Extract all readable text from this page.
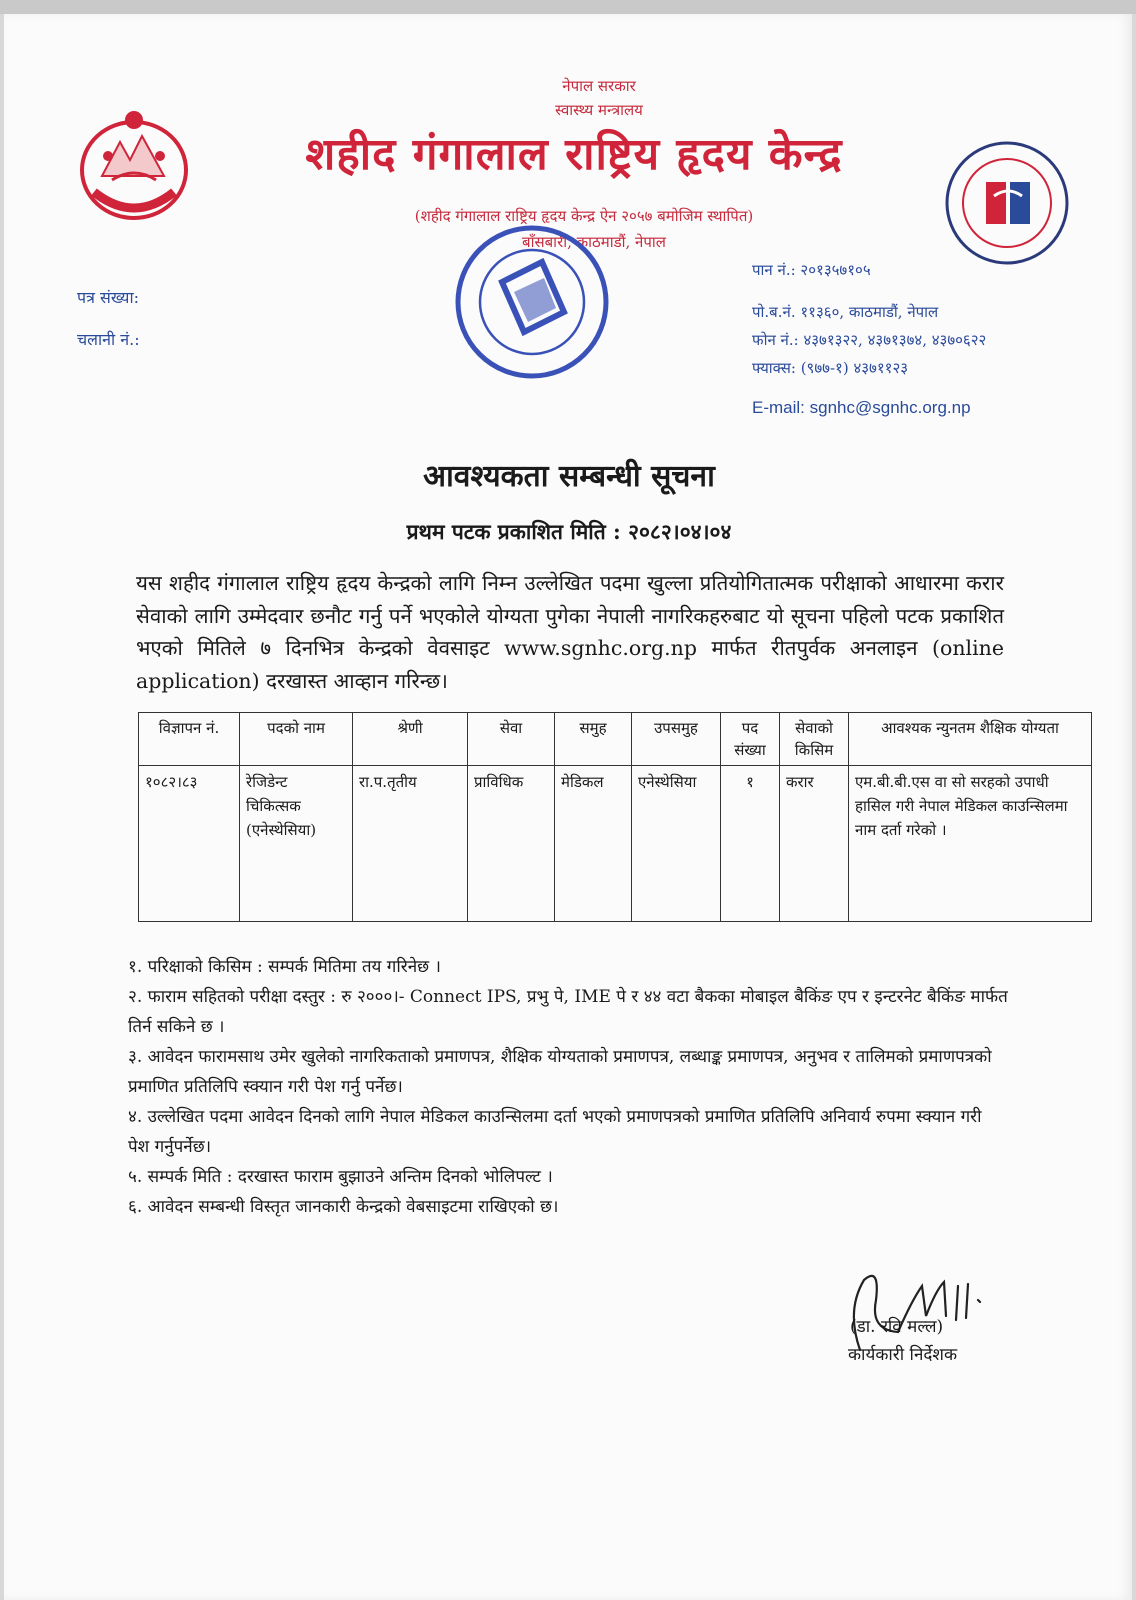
नेपाल सरकार

स्वास्थ्य मन्त्रालय

शहीद गंगालाल राष्ट्रिय हृदय केन्द्र

(शहीद गंगालाल राष्ट्रिय हृदय केन्द्र ऐन २०५७ बमोजिम स्थापित)

बाँसबारी, काठमाडौं, नेपाल

पत्र संख्या:

चलानी नं.:

पान नं.: २०१३५७१०५

पो.ब.नं. ११३६०, काठमाडौं, नेपाल

फोन नं.: ४३७१३२२, ४३७१३७४, ४३७०६२२

फ्याक्स: (९७७-१) ४३७११२३

E-mail: sgnhc@sgnhc.org.np

आवश्यकता सम्बन्धी सूचना

प्रथम पटक प्रकाशित मिति : २०८२।०४।०४

यस शहीद गंगालाल राष्ट्रिय हृदय केन्द्रको लागि निम्न उल्लेखित पदमा खुल्ला प्रतियोगितात्मक परीक्षाको आधारमा करार सेवाको लागि उम्मेदवार छनौट गर्नु पर्ने भएकोले योग्यता पुगेका नेपाली नागरिकहरुबाट यो सूचना पहिलो पटक प्रकाशित भएको मितिले ७ दिनभित्र केन्द्रको वेवसाइट www.sgnhc.org.np मार्फत रीतपुर्वक अनलाइन (online application) दरखास्त आव्हान गरिन्छ।

विज्ञापन नं.	पदको नाम	श्रेणी	सेवा	समुह	उपसमुह	पद संख्या	सेवाको किसिम	आवश्यक न्युनतम शैक्षिक योग्यता
१०८२।८३	रेजिडेन्ट चिकित्सक (एनेस्थेसिया)	रा.प.तृतीय	प्राविधिक	मेडिकल	एनेस्थेसिया	१	करार	एम.बी.बी.एस वा सो सरहको उपाधी हासिल गरी नेपाल मेडिकल काउन्सिलमा नाम दर्ता गरेको ।
१. परिक्षाको किसिम : सम्पर्क मितिमा तय गरिनेछ ।
२. फाराम सहितको परीक्षा दस्तुर : रु २०००।- Connect IPS, प्रभु पे, IME पे र ४४ वटा बैकका मोबाइल बैकिंङ एप र इन्टरनेट बैकिंङ मार्फत तिर्न सकिने छ ।
३. आवेदन फारामसाथ उमेर खुलेको नागरिकताको प्रमाणपत्र, शैक्षिक योग्यताको प्रमाणपत्र, लब्धाङ्क प्रमाणपत्र, अनुभव र तालिमको प्रमाणपत्रको प्रमाणित प्रतिलिपि स्क्यान गरी पेश गर्नु पर्नेछ।
४. उल्लेखित पदमा आवेदन दिनको लागि नेपाल मेडिकल काउन्सिलमा दर्ता भएको प्रमाणपत्रको प्रमाणित प्रतिलिपि अनिवार्य रुपमा स्क्यान गरी पेश गर्नुपर्नेछ।
५. सम्पर्क मिति : दरखास्त फाराम बुझाउने अन्तिम दिनको भोलिपल्ट ।
६. आवेदन सम्बन्धी विस्तृत जानकारी केन्द्रको वेबसाइटमा राखिएको छ।

(डा. रवि मल्ल)

कार्यकारी निर्देशक
